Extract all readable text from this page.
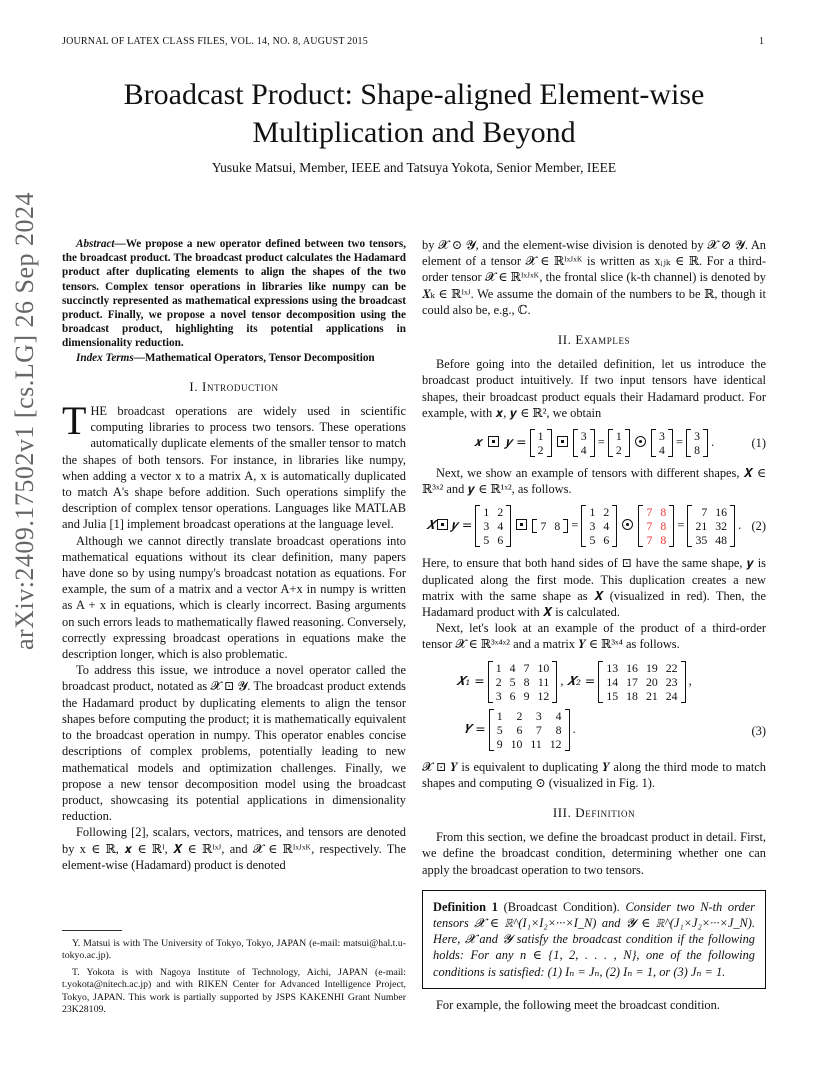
JOURNAL OF LATEX CLASS FILES, VOL. 14, NO. 8, AUGUST 2015	1
arXiv:2409.17502v1 [cs.LG] 26 Sep 2024
Broadcast Product: Shape-aligned Element-wise Multiplication and Beyond
Yusuke Matsui, Member, IEEE and Tatsuya Yokota, Senior Member, IEEE

Abstract—We propose a new operator defined between two tensors, the broadcast product. The broadcast product calculates the Hadamard product after duplicating elements to align the shapes of the two tensors. Complex tensor operations in libraries like numpy can be succinctly represented as mathematical expressions using the broadcast product. Finally, we propose a novel tensor decomposition using the broadcast product, highlighting its potential applications in dimensionality reduction.

Index Terms—Mathematical Operators, Tensor Decomposition

I. Introduction

THE broadcast operations are widely used in scientific computing libraries to process two tensors. These operations automatically duplicate elements of the smaller tensor to match the shapes of both tensors. For instance, in libraries like numpy, when adding a vector x to a matrix A, x is automatically duplicated to match A's shape before addition. Such operations simplify the description of complex tensor operations. Languages like MATLAB and Julia [1] implement broadcast operations at the language level.

Although we cannot directly translate broadcast operations into mathematical equations without its clear definition, many papers have done so by using numpy's broadcast notation as equations. For example, the sum of a matrix and a vector A+x in numpy is written as A + x in equations, which is clearly incorrect. Basing arguments on such errors leads to mathematically flawed reasoning. Conversely, correctly expressing broadcast operations in equations make the description longer, which is also problematic.

To address this issue, we introduce a novel operator called the broadcast product, notated as 𝓧 ⊡ 𝓨. The broadcast product extends the Hadamard product by duplicating elements to align the tensor shapes before computing the product; it is mathematically equivalent to the broadcast operation in numpy. This operator enables concise descriptions of complex problems, potentially leading to new mathematical models and optimization challenges. Finally, we propose a new tensor decomposition model using the broadcast product, showcasing its potential applications in dimensionality reduction.

Following [2], scalars, vectors, matrices, and tensors are denoted by x ∈ ℝ, 𝒙 ∈ ℝᴵ, 𝑿 ∈ ℝᴵˣᴶ, and 𝓧 ∈ ℝᴵˣᴶˣᴷ, respectively. The element-wise (Hadamard) product is denoted

Y. Matsui is with The University of Tokyo, Tokyo, JAPAN (e-mail: matsui@hal.t.u-tokyo.ac.jp).

T. Yokota is with Nagoya Institute of Technology, Aichi, JAPAN (e-mail: t.yokota@nitech.ac.jp) and with RIKEN Center for Advanced Intelligence Project, Tokyo, JAPAN. This work is partially supported by JSPS KAKENHI Grant Number 23K28109.

by 𝓧 ⊙ 𝓨, and the element-wise division is denoted by 𝓧 ⊘ 𝓨. An element of a tensor 𝓧 ∈ ℝᴵˣᴶˣᴷ is written as xᵢⱼₖ ∈ ℝ. For a third-order tensor 𝓧 ∈ ℝᴵˣᴶˣᴷ, the frontal slice (k-th channel) is denoted by 𝑿ₖ ∈ ℝᴵˣᴶ. We assume the domain of the numbers to be ℝ, though it could also be, e.g., ℂ.

II. Examples

Before going into the detailed definition, let us introduce the broadcast product intuitively. If two input tensors have identical shapes, their broadcast product equals their Hadamard product. For example, with 𝒙, 𝒚 ∈ ℝ², we obtain

𝒙  𝒚 = 1
2

3
4
= 1
2

3
4
= 3
8
.	(1)

Next, we show an example of tensors with different shapes, 𝑿 ∈ ℝ³ˣ² and 𝒚 ∈ ℝ¹ˣ², as follows.

𝑿 𝒚 =
1	2
3	4
5	6

7	8 =
1	2
3	4
5	6

7	8
7	8
7	8
=
7	16
21	32
35	48
. (2)

Here, to ensure that both hand sides of ⊡ have the same shape, 𝒚 is duplicated along the first mode. This duplication creates a new matrix with the same shape as 𝑿 (visualized in red). Then, the Hadamard product with 𝑿 is calculated.

Next, let's look at an example of the product of a third-order tensor 𝓧 ∈ ℝ³ˣ⁴ˣ² and a matrix 𝒀 ∈ ℝ³ˣ⁴ as follows.

𝑿₁ =
1	4	7	10
2	5	8	11
3	6	9	12
, 𝑿₂ =
13	16	19	22
14	17	20	23
15	18	21	24
,
𝒀 =
1	2	3	4
5	6	7	8
9	10	11	12
.	(3)

𝓧 ⊡ 𝒀 is equivalent to duplicating 𝒀 along the third mode to match shapes and computing ⊙ (visualized in Fig. 1).

III. Definition

From this section, we define the broadcast product in detail. First, we define the broadcast condition, determining whether one can apply the broadcast operation to two tensors.

Definition 1 (Broadcast Condition). Consider two N-th order tensors 𝓧 ∈ ℝ^(I₁×I₂×···×I_N) and 𝓨 ∈ ℝ^(J₁×J₂×···×J_N). Here, 𝓧 and 𝓨 satisfy the broadcast condition if the following holds: For any n ∈ {1, 2, . . . , N}, one of the following conditions is satisfied: (1) Iₙ = Jₙ, (2) Iₙ = 1, or (3) Jₙ = 1.

For example, the following meet the broadcast condition.
